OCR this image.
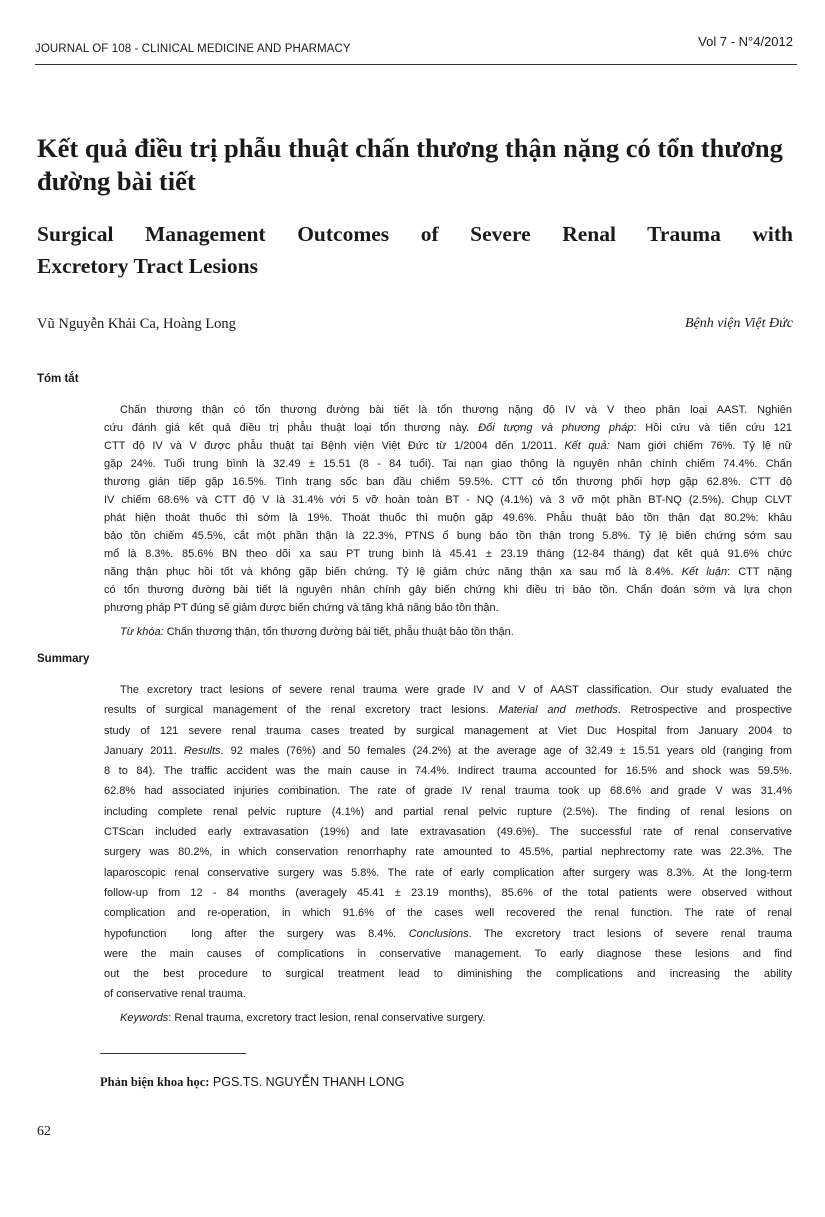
JOURNAL OF 108 - CLINICAL MEDICINE AND PHARMACY	Vol 7 - N°4/2012
Kết quả điều trị phẫu thuật chấn thương thận nặng có tổn thương đường bài tiết
Surgical Management Outcomes of Severe Renal Trauma with
Excretory Tract Lesions
Vũ Nguyễn Khải Ca, Hoàng Long	Bệnh viện Việt Đức
Tóm tắt
Chấn thương thận có tổn thương đường bài tiết là tổn thương nặng độ IV và V theo phân loại AAST. Nghiên
cứu đánh giá kết quả điều trị phẫu thuật loại tổn thương này. Đối tượng và phương pháp: Hồi cứu và tiến cứu 121
CTT độ IV và V được phẫu thuật tại Bệnh viện Việt Đức từ 1/2004 đến 1/2011. Kết quả: Nam giới chiếm 76%. Tỷ lệ nữ
gặp 24%. Tuổi trung bình là 32.49 ± 15.51 (8 - 84 tuổi). Tai nạn giao thông là nguyên nhân chính chiếm 74.4%. Chấn
thương gián tiếp gặp 16.5%. Tình trạng sốc ban đầu chiếm 59.5%. CTT có tổn thương phối hợp gặp 62.8%. CTT độ
IV chiếm 68.6% và CTT độ V là 31.4% với 5 vỡ hoàn toàn BT - NQ (4.1%) và 3 vỡ một phần BT-NQ (2.5%). Chụp CLVT
phát hiện thoát thuốc thì sớm là 19%. Thoát thuốc thì muộn gặp 49.6%. Phẫu thuật bảo tồn thận đạt 80.2%: khâu
bảo tồn chiếm 45.5%, cắt một phần thận là 22.3%, PTNS ổ bụng bảo tồn thận trong 5.8%. Tỷ lệ biến chứng sớm sau
mổ là 8.3%. 85.6% BN theo dõi xa sau PT trung bình là 45.41 ± 23.19 tháng (12-84 tháng) đạt kết quả 91.6% chức
năng thận phục hồi tốt và không gặp biến chứng. Tỷ lệ giảm chức năng thận xa sau mổ là 8.4%. Kết luận: CTT nặng
có tổn thương đường bài tiết là nguyên nhân chính gây biến chứng khi điều trị bảo tồn. Chẩn đoán sớm và lựa chọn
phương pháp PT đúng sẽ giảm được biến chứng và tăng khả năng bảo tồn thận.
Từ khóa: Chấn thương thận, tổn thương đường bài tiết, phẫu thuật bảo tồn thận.
Summary
The excretory tract lesions of severe renal trauma were grade IV and V of AAST classification. Our study evaluated the
results of surgical management of the renal excretory tract lesions. Material and methods. Retrospective and prospective
study of 121 severe renal trauma cases treated by surgical management at Viet Duc Hospital from January 2004 to
January 2011. Results. 92 males (76%) and 50 females (24.2%) at the average age of 32.49 ± 15.51 years old (ranging from
8 to 84). The traffic accident was the main cause in 74.4%. Indirect trauma accounted for 16.5% and shock was 59.5%.
62.8% had associated injuries combination. The rate of grade IV renal trauma took up 68.6% and grade V was 31.4%
including complete renal pelvic rupture (4.1%) and partial renal pelvic rupture (2.5%). The finding of renal lesions on
CTScan included early extravasation (19%) and late extravasation (49.6%). The successful rate of renal conservative
surgery was 80.2%, in which conservation renorrhaphy rate amounted to 45.5%, partial nephrectomy rate was 22.3%. The
laparoscopic renal conservative surgery was 5.8%. The rate of early complication after surgery was 8.3%. At the long-term
follow-up from 12 - 84 months (averagely 45.41 ± 23.19 months), 85.6% of the total patients were observed without
complication and re-operation, in which 91.6% of the cases well recovered the renal function. The rate of renal
hypofunction  long after the surgery was 8.4%. Conclusions. The excretory tract lesions of severe renal trauma
were the main causes of complications in conservative management. To early diagnose these lesions and find
out the best procedure to surgical treatment lead to diminishing the complications and increasing the ability
of conservative renal trauma.
Keywords: Renal trauma, excretory tract lesion, renal conservative surgery.
Phản biện khoa học: PGS.TS. NGUYỄN THANH LONG
62
